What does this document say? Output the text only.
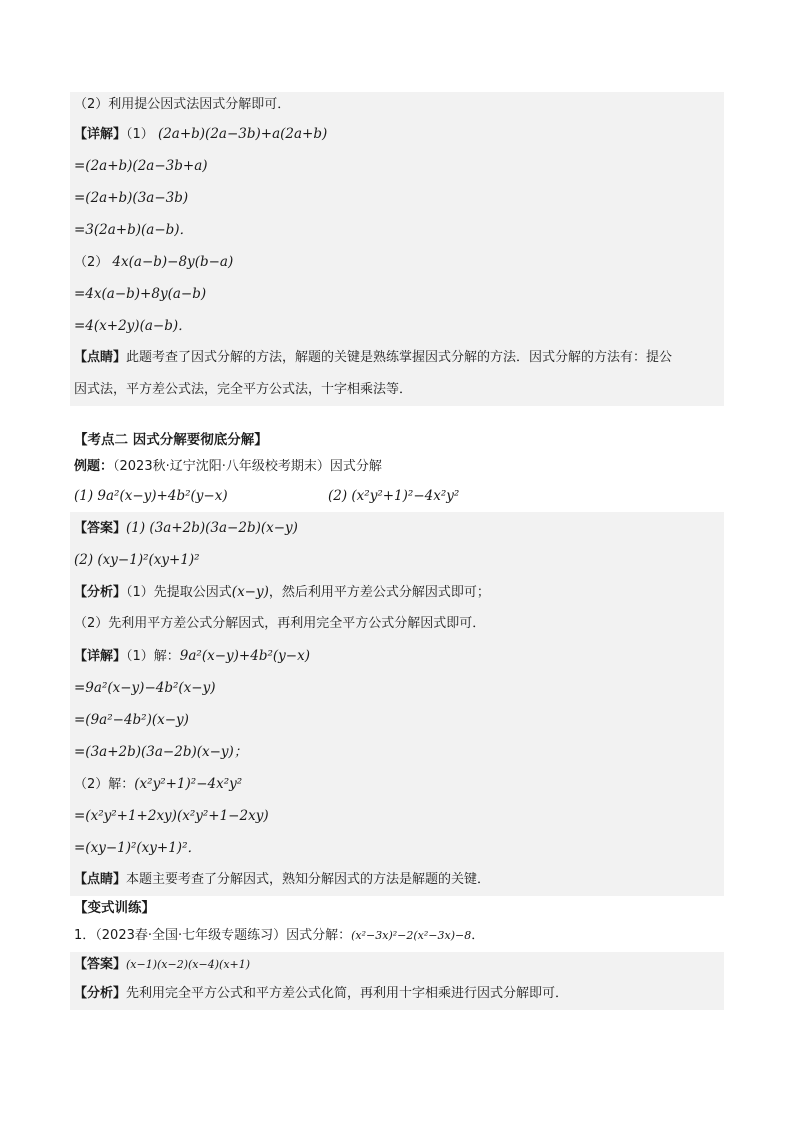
（2）利用提公因式法因式分解即可．
【详解】（1） (2a+b)(2a−3b)+a(2a+b)
=(2a+b)(2a−3b+a)
=(2a+b)(3a−3b)
=3(2a+b)(a−b)．
（2） 4x(a−b)−8y(b−a)
=4x(a−b)+8y(a−b)
=4(x+2y)(a−b)．
【点睛】此题考查了因式分解的方法，解题的关键是熟练掌握因式分解的方法．因式分解的方法有：提公
因式法，平方差公式法，完全平方公式法，十字相乘法等．
【考点二 因式分解要彻底分解】
例题：（2023秋·辽宁沈阳·八年级校考期末）因式分解
(1) 9a²(x−y)+4b²(y−x)	(2) (x²y²+1)²−4x²y²
【答案】(1) (3a+2b)(3a−2b)(x−y)
(2) (xy−1)²(xy+1)²
【分析】（1）先提取公因式(x−y)，然后利用平方差公式分解因式即可；
（2）先利用平方差公式分解因式，再利用完全平方公式分解因式即可．
【详解】（1）解：9a²(x−y)+4b²(y−x)
=9a²(x−y)−4b²(x−y)
=(9a²−4b²)(x−y)
=(3a+2b)(3a−2b)(x−y)；
（2）解：(x²y²+1)²−4x²y²
=(x²y²+1+2xy)(x²y²+1−2xy)
=(xy−1)²(xy+1)²．
【点睛】本题主要考查了分解因式，熟知分解因式的方法是解题的关键．
【变式训练】
1．（2023春·全国·七年级专题练习）因式分解：(x²−3x)²−2(x²−3x)−8．
【答案】(x−1)(x−2)(x−4)(x+1)
【分析】先利用完全平方公式和平方差公式化简，再利用十字相乘进行因式分解即可．
